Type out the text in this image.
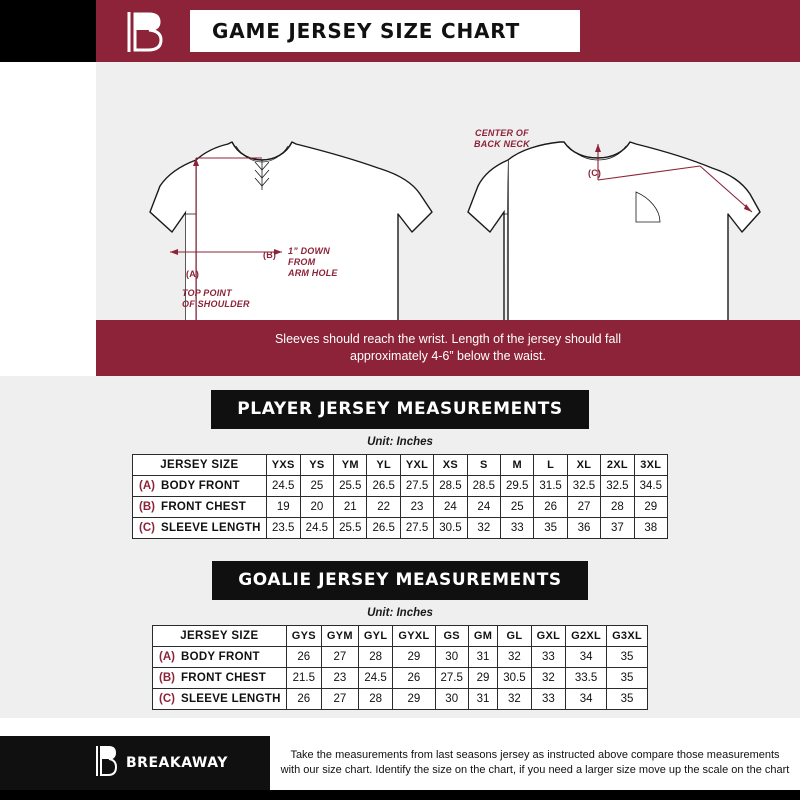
GAME JERSEY SIZE CHART
CENTER OF
BACK NECK
(C)
(B)
(A)
1” DOWN
FROM
ARM HOLE
TOP POINT
OF SHOULDER
Sleeves should reach the wrist. Length of the jersey should fall
approximately 4-6” below the waist.
PLAYER JERSEY MEASUREMENTS
Unit: Inches
JERSEY SIZE		YXS	YS	YM	YL	YXL	XS	S	M	L	XL	2XL	3XL
(A)	BODY FRONT	24.5	25	25.5	26.5	27.5	28.5	28.5	29.5	31.5	32.5	32.5	34.5
(B)	FRONT CHEST	19	20	21	22	23	24	24	25	26	27	28	29
(C)	SLEEVE LENGTH	23.5	24.5	25.5	26.5	27.5	30.5	32	33	35	36	37	38
GOALIE JERSEY MEASUREMENTS
Unit: Inches
JERSEY SIZE		GYS	GYM	GYL	GYXL	GS	GM	GL	GXL	G2XL	G3XL
(A)	BODY FRONT	26	27	28	29	30	31	32	33	34	35
(B)	FRONT CHEST	21.5	23	24.5	26	27.5	29	30.5	32	33.5	35
(C)	SLEEVE LENGTH	26	27	28	29	30	31	32	33	34	35
BREAKAWAY	Take the measurements from last seasons jersey as instructed above compare those measurements with our size chart. Identify the size on the chart, if you need a larger size move up the scale on the chart
